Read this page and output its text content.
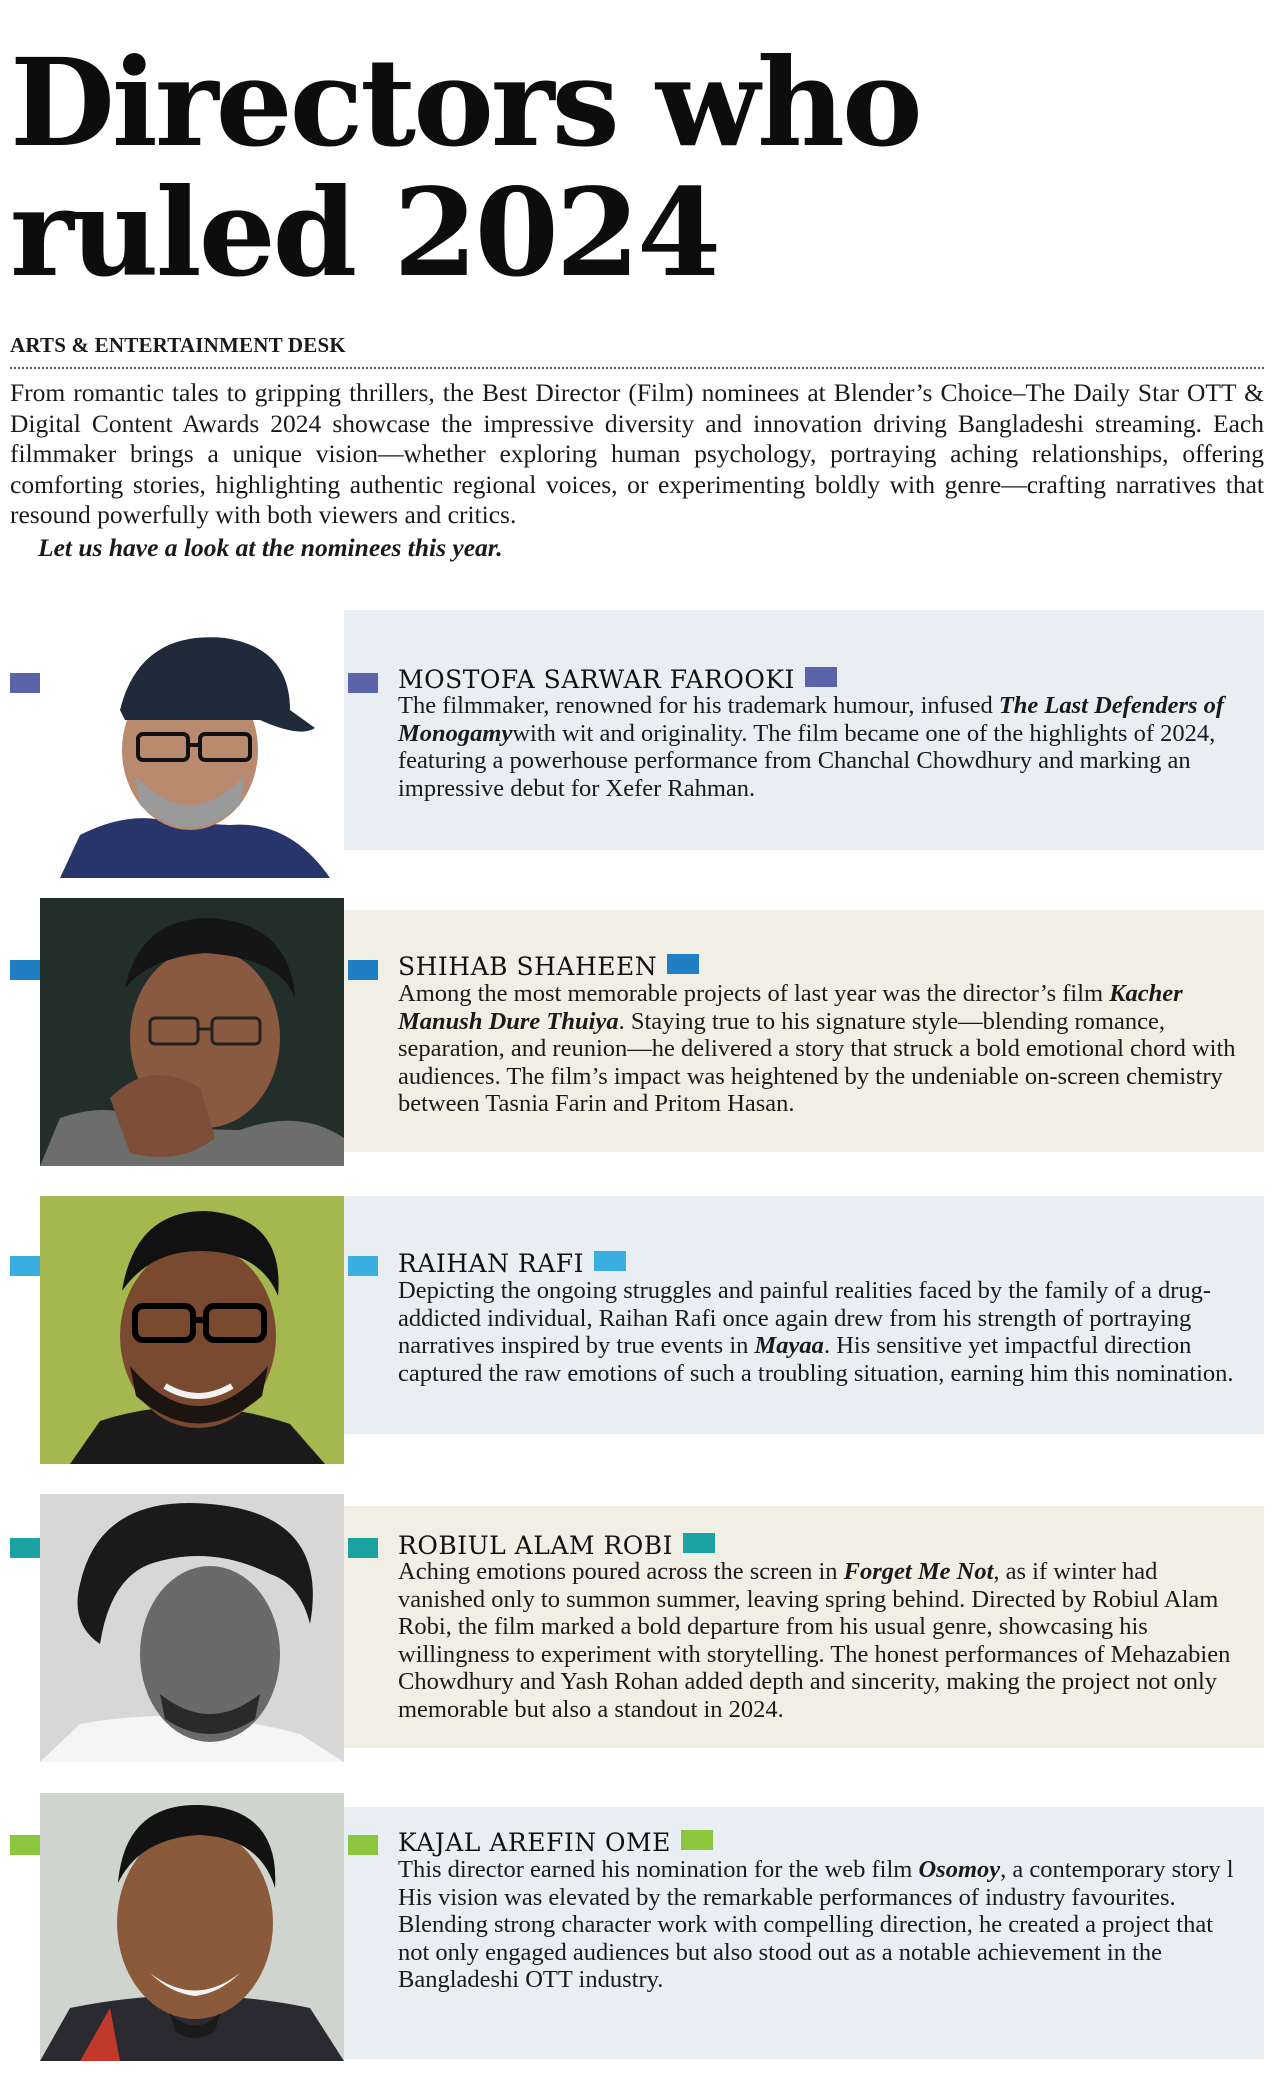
Directors who
ruled 2024
ARTS & ENTERTAINMENT DESK

From romantic tales to gripping thrillers, the Best Director (Film) nominees at Blender’s Choice–The Daily Star OTT & Digital Content Awards 2024 showcase the impressive diversity and innovation driving Bangladeshi streaming. Each filmmaker brings a unique vision—whether exploring human psychology, portraying aching relationships, offering comforting stories, highlighting authentic regional voices, or experimenting boldly with genre—crafting narratives that resound powerfully with both viewers and critics.

Let us have a look at the nominees this year.
MOSTOFA SARWAR FAROOKI

The filmmaker, renowned for his trademark humour, infused The Last Defenders of Monogamywith wit and originality. The film became one of the highlights of 2024, featuring a powerhouse performance from Chanchal Chowdhury and marking an impressive debut for Xefer Rahman.

SHIHAB SHAHEEN

Among the most memorable projects of last year was the director’s film Kacher Manush Dure Thuiya. Staying true to his signature style—blending romance, separation, and reunion—he delivered a story that struck a bold emotional chord with audiences. The film’s impact was heightened by the undeniable on-screen chemistry between Tasnia Farin and Pritom Hasan.

RAIHAN RAFI

Depicting the ongoing struggles and painful realities faced by the family of a drug-addicted individual, Raihan Rafi once again drew from his strength of portraying narratives inspired by true events in Mayaa. His sensitive yet impactful direction captured the raw emotions of such a troubling situation, earning him this nomination.

ROBIUL ALAM ROBI

Aching emotions poured across the screen in Forget Me Not, as if winter had vanished only to summon summer, leaving spring behind. Directed by Robiul Alam Robi, the film marked a bold departure from his usual genre, showcasing his willingness to experiment with storytelling. The honest performances of Mehazabien Chowdhury and Yash Rohan added depth and sincerity, making the project not only memorable but also a standout in 2024.

KAJAL AREFIN OME

This director earned his nomination for the web film Osomoy, a contemporary story l His vision was elevated by the remarkable performances of industry favourites. Blending strong character work with compelling direction, he created a project that not only engaged audiences but also stood out as a notable achievement in the Bangladeshi OTT industry.
